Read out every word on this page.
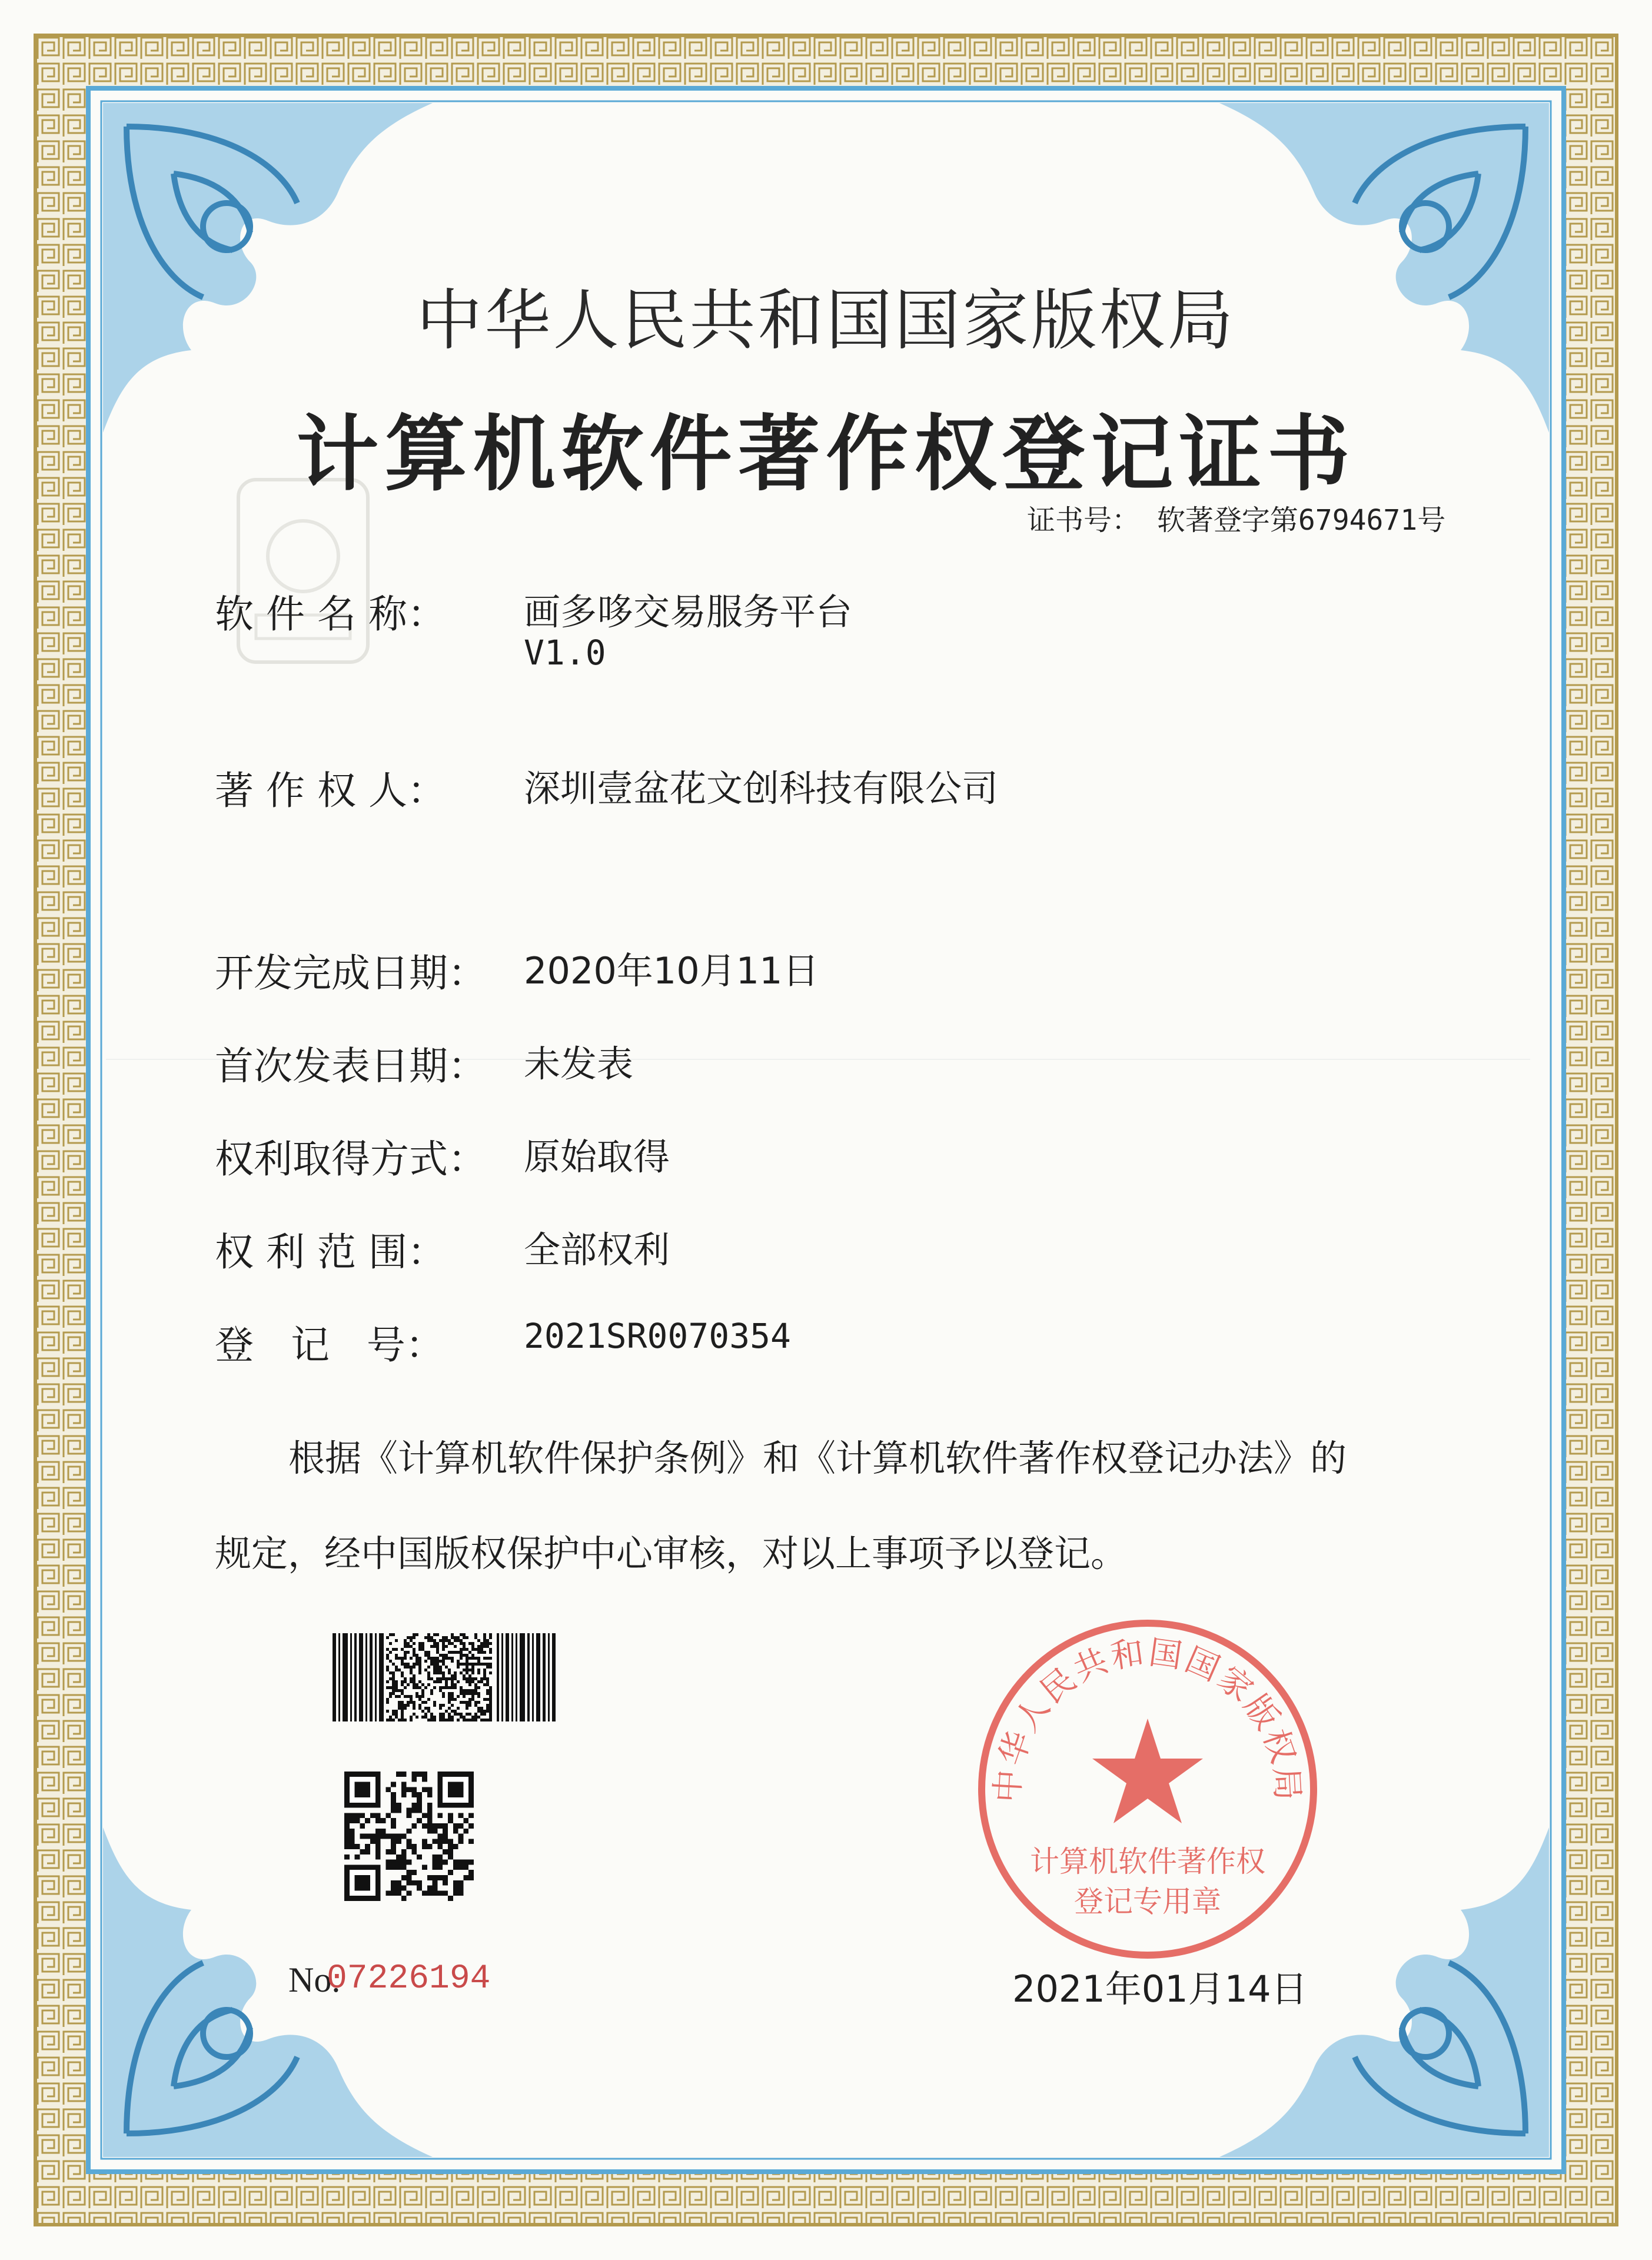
中华人民共和国国家版权局
计算机软件著作权登记证书
证书号： 软著登字第6794671号
软 件 名 称： 画多哆交易服务平台
V1.0
著 作 权 人： 深圳壹盆花文创科技有限公司
开发完成日期： 2020年10月11日
首次发表日期： 未发表
权利取得方式： 原始取得
权 利 范 围： 全部权利
登   记   号： 2021SR0070354
根据《计算机软件保护条例》和《计算机软件著作权登记办法》的
规定，经中国版权保护中心审核，对以上事项予以登记。
No.
07226194
中华人民共和国国家版权局
计算机软件著作权
登记专用章
2021年01月14日
